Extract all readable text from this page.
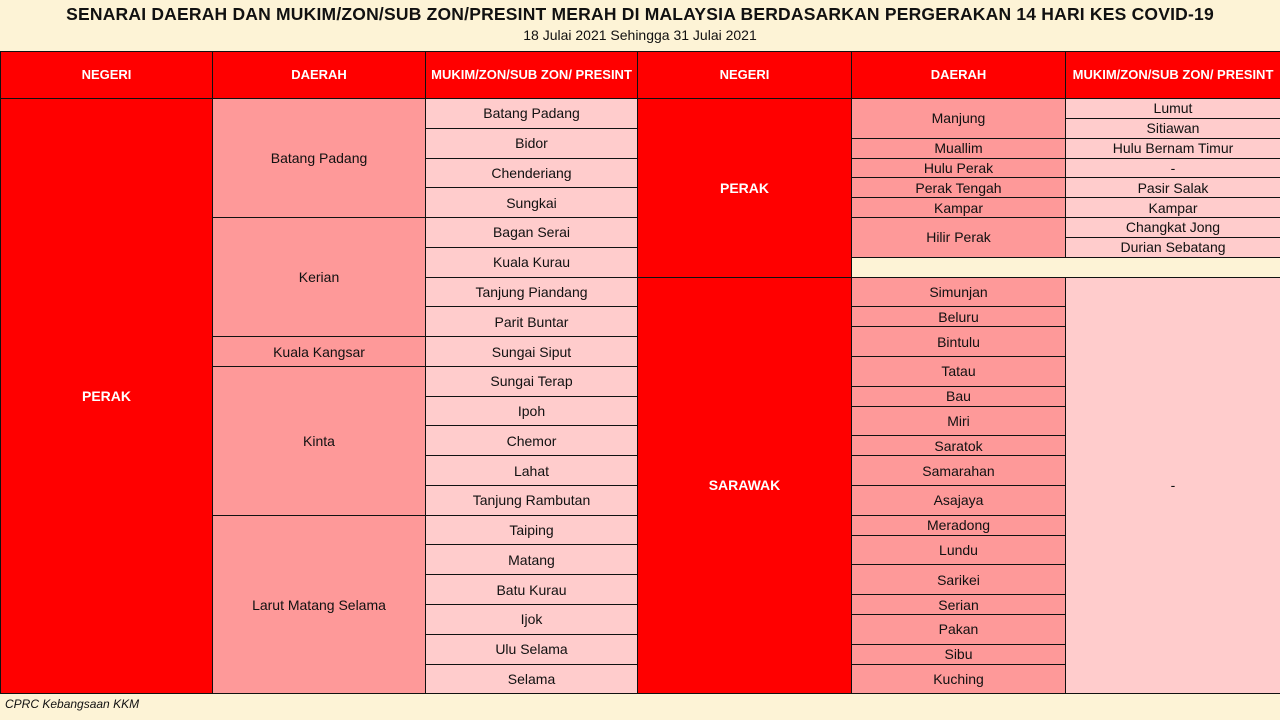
SENARAI DAERAH DAN MUKIM/ZON/SUB ZON/PRESINT MERAH DI MALAYSIA BERDASARKAN PERGERAKAN 14 HARI KES COVID-19
18 Julai 2021 Sehingga 31 Julai 2021
NEGERI	DAERAH	MUKIM/ZON/SUB ZON/ PRESINT	NEGERI	DAERAH	MUKIM/ZON/SUB ZON/ PRESINT
PERAK	Batang Padang	Batang Padang	PERAK	Manjung	Lumut

					Sitiawan
		Bidor			
				Muallim	Hulu Bernam Timur

		Chenderiang		Hulu Perak	-

				Perak Tengah	Pasir Salak
		Sungkai			
				Kampar	Kampar

	Kerian	Bagan Serai		Hilir Perak	Changkat Jong

					Durian Sebatang
		Kuala Kurau			

		Tanjung Piandang	SARAWAK	Simunjan	-

		Parit Buntar		Beluru	

				Bintulu	
	Kuala Kangsar	Sungai Siput			

				Tatau	
	Kinta	Sungai Terap			

				Bau	
		Ipoh			
				Miri	

		Chemor			
				Saratok	

		Lahat		Samarahan	

		Tanjung Rambutan		Asajaya	

	Larut Matang Selama	Taiping		Meradong	

				Lundu	
		Matang			

				Sarikei	
		Batu Kurau			

				Serian	
		Ijok			
				Pakan	

		Ulu Selama			
				Sibu	

		Selama		Kuching	

CPRC Kebangsaan KKM
